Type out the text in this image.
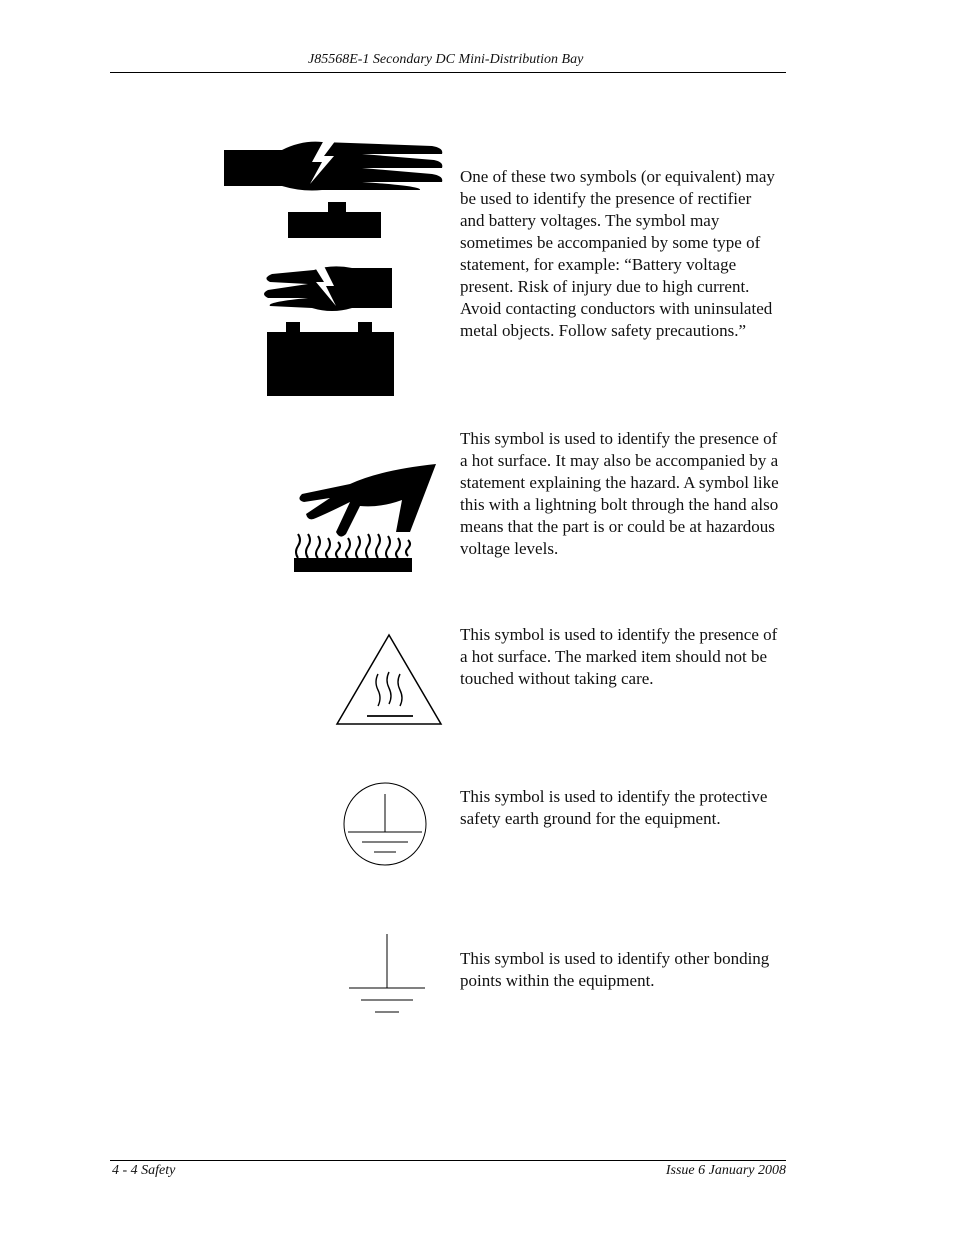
J85568E-1 Secondary DC Mini-Distribution Bay
One of these two symbols (or equivalent) may be used to identify the presence of rectifier and battery voltages. The symbol may sometimes be accompanied by some type of statement, for example: “Battery voltage present. Risk of injury due to high current. Avoid contacting conductors with uninsulated metal objects. Follow safety precautions.”
This symbol is used to identify the presence of a hot surface. It may also be accompanied by a statement explaining the hazard. A symbol like this with a lightning bolt through the hand also means that the part is or could be at hazardous voltage levels.
This symbol is used to identify the presence of a hot surface. The marked item should not be touched without taking care.
This symbol is used to identify the protective safety earth ground for the equipment.
This symbol is used to identify other bonding points within the equipment.
4 - 4 Safety	Issue 6 January 2008
